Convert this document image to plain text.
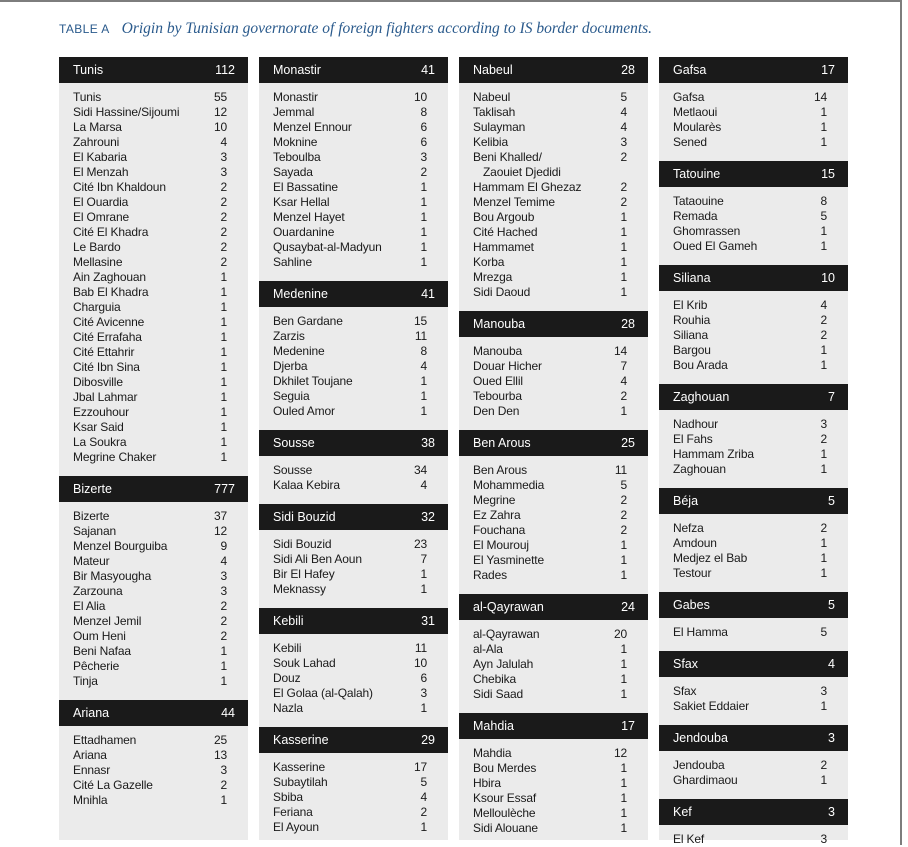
TABLE A Origin by Tunisian governorate of foreign fighters according to IS border documents.
Tunis	112
Tunis	55
Sidi Hassine/Sijoumi	12
La Marsa	10
Zahrouni	4
El Kabaria	3
El Menzah	3
Cité Ibn Khaldoun	2
El Ouardia	2
El Omrane	2
Cité El Khadra	2
Le Bardo	2
Mellasine	2
Ain Zaghouan	1
Bab El Khadra	1
Charguia	1
Cité Avicenne	1
Cité Errafaha	1
Cité Ettahrir	1
Cité Ibn Sina	1
Dibosville	1
Jbal Lahmar	1
Ezzouhour	1
Ksar Said	1
La Soukra	1
Megrine Chaker	1
Bizerte	777
Bizerte	37
Sajanan	12
Menzel Bourguiba	9
Mateur	4
Bir Masyougha	3
Zarzouna	3
El Alia	2
Menzel Jemil	2
Oum Heni	2
Beni Nafaa	1
Pêcherie	1
Tinja	1
Ariana	44
Ettadhamen	25
Ariana	13
Ennasr	3
Cité La Gazelle	2
Mnihla	1
Monastir	41
Monastir	10
Jemmal	8
Menzel Ennour	6
Moknine	6
Teboulba	3
Sayada	2
El Bassatine	1
Ksar Hellal	1
Menzel Hayet	1
Ouardanine	1
Qusaybat-al-Madyun	1
Sahline	1
Medenine	41
Ben Gardane	15
Zarzis	11
Medenine	8
Djerba	4
Dkhilet Toujane	1
Seguia	1
Ouled Amor	1
Sousse	38
Sousse	34
Kalaa Kebira	4
Sidi Bouzid	32
Sidi Bouzid	23
Sidi Ali Ben Aoun	7
Bir El Hafey	1
Meknassy	1
Kebili	31
Kebili	11
Souk Lahad	10
Douz	6
El Golaa (al-Qalah)	3
Nazla	1
Kasserine	29
Kasserine	17
Subaytilah	5
Sbiba	4
Feriana	2
El Ayoun	1
Nabeul	28
Nabeul	5
Taklisah	4
Sulayman	4
Kelibia	3
Beni Khalled/	2
Zaouiet Djedidi
Hammam El Ghezaz	2
Menzel Temime	2
Bou Argoub	1
Cité Hached	1
Hammamet	1
Korba	1
Mrezga	1
Sidi Daoud	1
Manouba	28
Manouba	14
Douar Hicher	7
Oued Ellil	4
Tebourba	2
Den Den	1
Ben Arous	25
Ben Arous	11
Mohammedia	5
Megrine	2
Ez Zahra	2
Fouchana	2
El Mourouj	1
El Yasminette	1
Rades	1
al-Qayrawan	24
al-Qayrawan	20
al-Ala	1
Ayn Jalulah	1
Chebika	1
Sidi Saad	1
Mahdia	17
Mahdia	12
Bou Merdes	1
Hbira	1
Ksour Essaf	1
Melloulèche	1
Sidi Alouane	1
Gafsa	17
Gafsa	14
Metlaoui	1
Moularès	1
Sened	1
Tatouine	15
Tataouine	8
Remada	5
Ghomrassen	1
Oued El Gameh	1
Siliana	10
El Krib	4
Rouhia	2
Siliana	2
Bargou	1
Bou Arada	1
Zaghouan	7
Nadhour	3
El Fahs	2
Hammam Zriba	1
Zaghouan	1
Béja	5
Nefza	2
Amdoun	1
Medjez el Bab	1
Testour	1
Gabes	5
El Hamma	5
Sfax	4
Sfax	3
Sakiet Eddaier	1
Jendouba	3
Jendouba	2
Ghardimaou	1
Kef	3
El Kef	3
